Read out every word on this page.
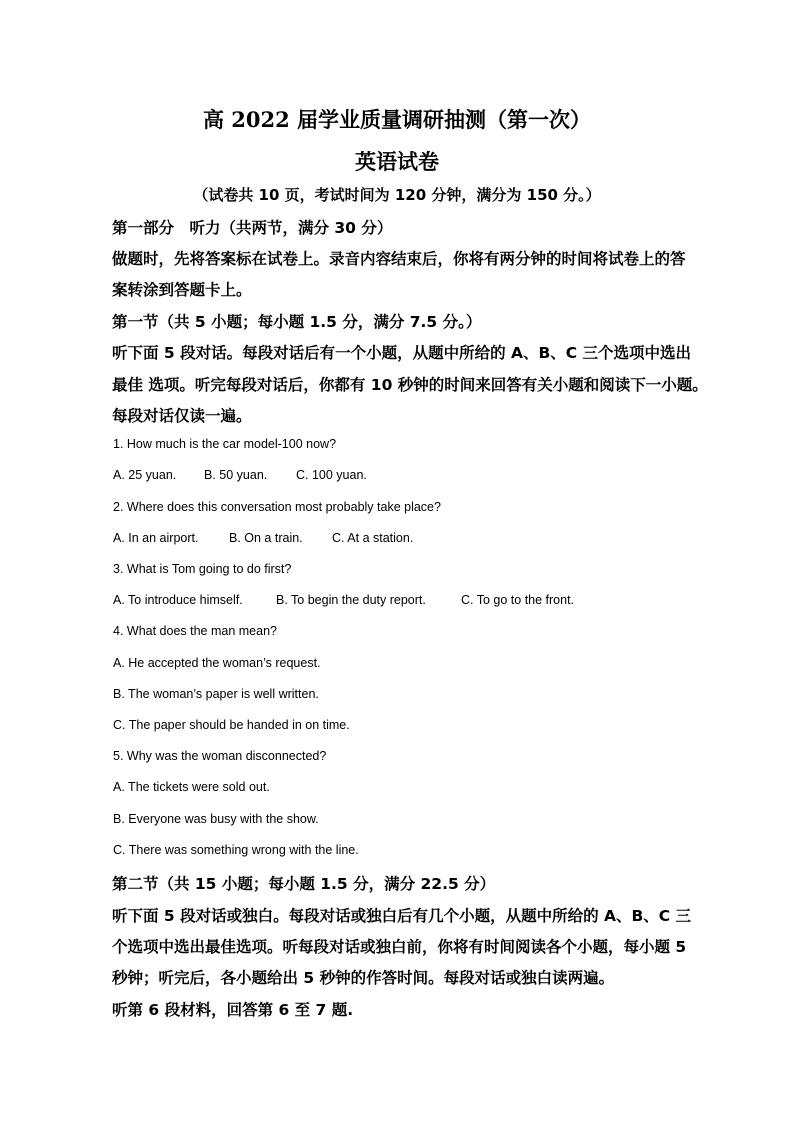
高 2022 届学业质量调研抽测（第一次）
英语试卷
（试卷共 10 页，考试时间为 120 分钟，满分为 150 分。）
第一部分　听力（共两节，满分 30 分）
做题时，先将答案标在试卷上。录音内容结束后，你将有两分钟的时间将试卷上的答
案转涂到答题卡上。
第一节（共 5 小题；每小题 1.5 分，满分 7.5 分。）
听下面 5 段对话。每段对话后有一个小题，从题中所给的 A、B、C 三个选项中选出
最佳 选项。听完每段对话后，你都有 10 秒钟的时间来回答有关小题和阅读下一小题。
每段对话仅读一遍。
1. How much is the car model-100 now?
A. 25 yuan. B. 50 yuan. C. 100 yuan.
2. Where does this conversation most probably take place?
A. In an airport. B. On a train. C. At a station.
3. What is Tom going to do first?
A. To introduce himself.	B. To begin the duty report.	C. To go to the front.
4. What does the man mean?
A. He accepted the woman’s request.
B. The woman’s paper is well written.
C. The paper should be handed in on time.
5. Why was the woman disconnected?
A. The tickets were sold out.
B. Everyone was busy with the show.
C. There was something wrong with the line.
第二节（共 15 小题；每小题 1.5 分，满分 22.5 分）
听下面 5 段对话或独白。每段对话或独白后有几个小题，从题中所给的 A、B、C 三
个选项中选出最佳选项。听每段对话或独白前，你将有时间阅读各个小题，每小题 5
秒钟；听完后，各小题给出 5 秒钟的作答时间。每段对话或独白读两遍。
听第 6 段材料，回答第 6 至 7 题.
